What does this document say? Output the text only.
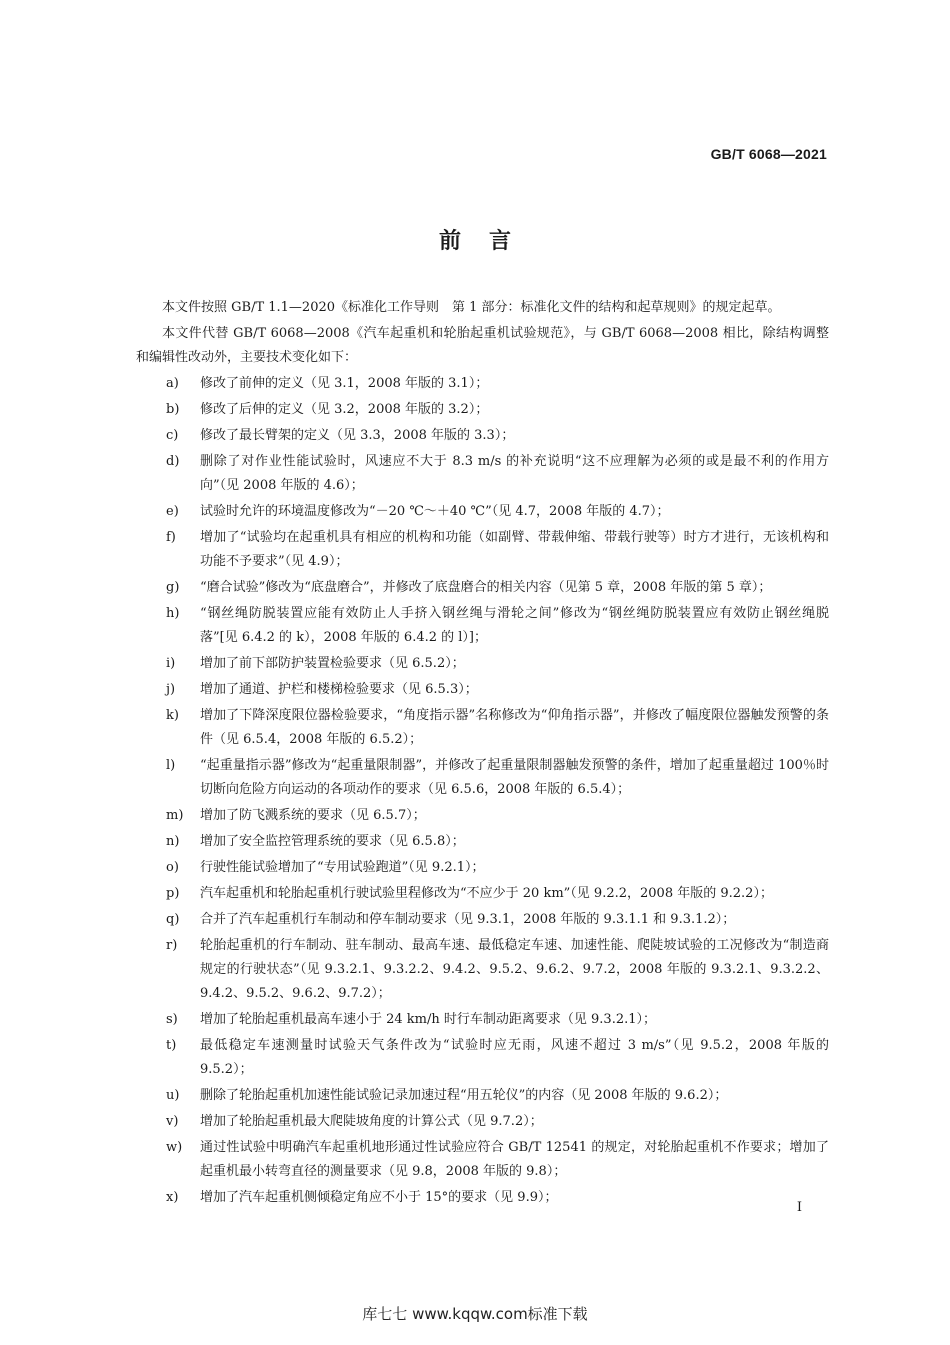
GB/T 6068—2021
前言
本文件按照 GB/T 1.1—2020《标准化工作导则　第 1 部分：标准化文件的结构和起草规则》的规定起草。
本文件代替 GB/T 6068—2008《汽车起重机和轮胎起重机试验规范》，与 GB/T 6068—2008 相比，除结构调整和编辑性改动外，主要技术变化如下：
a)	修改了前伸的定义（见 3.1，2008 年版的 3.1）；
b)	修改了后伸的定义（见 3.2，2008 年版的 3.2）；
c)	修改了最长臂架的定义（见 3.3，2008 年版的 3.3）；
d)	删除了对作业性能试验时，风速应不大于 8.3 m/s 的补充说明“这不应理解为必须的或是最不利的作用方向”（见 2008 年版的 4.6）；
e)	试验时允许的环境温度修改为“－20 ℃～＋40 ℃”（见 4.7，2008 年版的 4.7）；
f)	增加了“试验均在起重机具有相应的机构和功能（如副臂、带载伸缩、带载行驶等）时方才进行，无该机构和功能不予要求”（见 4.9）；
g)	“磨合试验”修改为“底盘磨合”，并修改了底盘磨合的相关内容（见第 5 章，2008 年版的第 5 章）；
h)	“钢丝绳防脱装置应能有效防止人手挤入钢丝绳与滑轮之间”修改为“钢丝绳防脱装置应有效防止钢丝绳脱落”[见 6.4.2 的 k），2008 年版的 6.4.2 的 l）]；
i)	增加了前下部防护装置检验要求（见 6.5.2）；
j)	增加了通道、护栏和楼梯检验要求（见 6.5.3）；
k)	增加了下降深度限位器检验要求，“角度指示器”名称修改为“仰角指示器”，并修改了幅度限位器触发预警的条件（见 6.5.4，2008 年版的 6.5.2）；
l)	“起重量指示器”修改为“起重量限制器”，并修改了起重量限制器触发预警的条件，增加了起重量超过 100％时切断向危险方向运动的各项动作的要求（见 6.5.6，2008 年版的 6.5.4）；
m)	增加了防飞溅系统的要求（见 6.5.7）；
n)	增加了安全监控管理系统的要求（见 6.5.8）；
o)	行驶性能试验增加了“专用试验跑道”（见 9.2.1）；
p)	汽车起重机和轮胎起重机行驶试验里程修改为“不应少于 20 km”（见 9.2.2，2008 年版的 9.2.2）；
q)	合并了汽车起重机行车制动和停车制动要求（见 9.3.1，2008 年版的 9.3.1.1 和 9.3.1.2）；
r)	轮胎起重机的行车制动、驻车制动、最高车速、最低稳定车速、加速性能、爬陡坡试验的工况修改为“制造商规定的行驶状态”（见 9.3.2.1、9.3.2.2、9.4.2、9.5.2、9.6.2、9.7.2，2008 年版的 9.3.2.1、9.3.2.2、9.4.2、9.5.2、9.6.2、9.7.2）；
s)	增加了轮胎起重机最高车速小于 24 km/h 时行车制动距离要求（见 9.3.2.1）；
t)	最低稳定车速测量时试验天气条件改为“试验时应无雨，风速不超过 3 m/s”（见 9.5.2，2008 年版的 9.5.2）；
u)	删除了轮胎起重机加速性能试验记录加速过程“用五轮仪”的内容（见 2008 年版的 9.6.2）；
v)	增加了轮胎起重机最大爬陡坡角度的计算公式（见 9.7.2）；
w)	通过性试验中明确汽车起重机地形通过性试验应符合 GB/T 12541 的规定，对轮胎起重机不作要求；增加了起重机最小转弯直径的测量要求（见 9.8，2008 年版的 9.8）；
x)	增加了汽车起重机侧倾稳定角应不小于 15°的要求（见 9.9）；
I
库七七 www.kqqw.com标准下载
